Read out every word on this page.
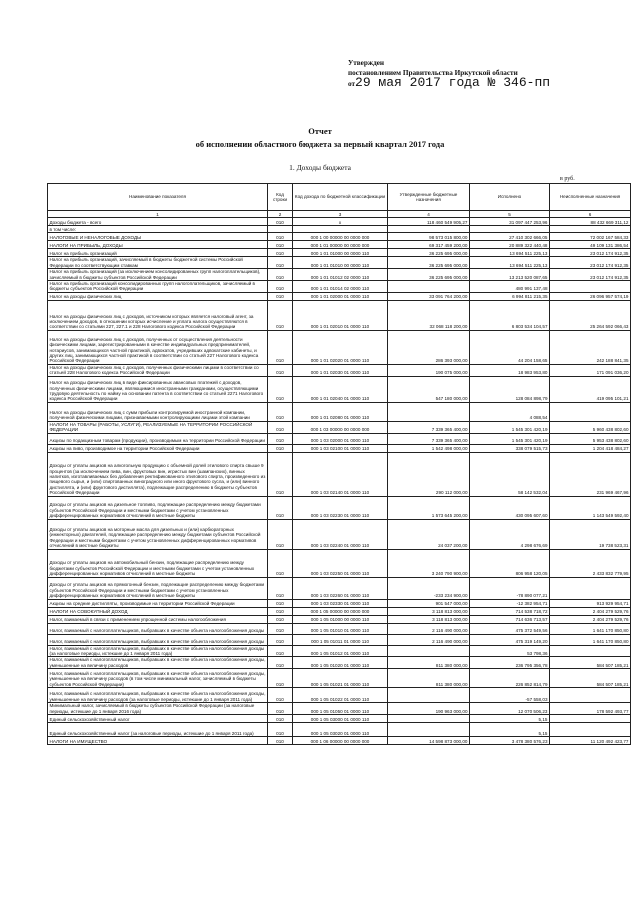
Утвержден
постановлением Правительства Иркутской области
от29 мая 2017 года № 346-пп
Отчет
об исполнении областного бюджета за первый квартал 2017 года
1. Доходы бюджета
в руб.
Наименование показателя	Код строки	Код дохода по бюджетной классификации	Утвержденные бюджетные назначения	Исполнено	Неисполненные назначения
1	2	3	4	5	6
Доходы бюджета - всего	010	x	118 460 549 905,27	31 097 447 253,96	88 432 669 311,12
в том числе:					
НАЛОГОВЫЕ И НЕНАЛОГОВЫЕ ДОХОДЫ	010	000 1 00 00000 00 0000 000	98 573 015 800,00	27 410 302 666,05	72 002 167 584,33
НАЛОГИ НА ПРИБЫЛЬ, ДОХОДЫ	010	000 1 01 00000 00 0000 000	69 317 459 200,00	20 889 322 440,48	49 109 131 386,54
Налог на прибыль организаций	010	000 1 01 01000 00 0000 110	36 225 695 000,00	13 694 511 225,13	23 012 174 912,35
Налог на прибыль организаций, зачисляемый в бюджеты бюджетной системы Российской Федерации по соответствующим ставкам	010	000 1 01 01010 00 0000 110	36 225 695 000,00	13 694 511 225,13	23 012 174 912,35
Налог на прибыль организаций (за исключением консолидированных групп налогоплательщиков), зачисляемый в бюджеты субъектов Российской Федерации	010	000 1 01 01012 02 0000 110	36 225 695 000,00	13 213 520 087,65	23 012 174 912,35
Налог на прибыль организаций консолидированных групп налогоплательщиков, зачисляемый в бюджеты субъектов Российской Федерации	010	000 1 01 01014 02 0000 110		480 991 137,48	
Налог на доходы физических лиц	010	000 1 01 02000 01 0000 110	33 091 764 200,00	6 994 811 215,35	26 096 957 574,19
Налог на доходы физических лиц с доходов, источником которых является налоговый агент, за исключением доходов, в отношении которых исчисление и уплата налога осуществляются в соответствии со статьями 227, 227.1 и 228 Налогового кодекса Российской Федерации	010	000 1 01 02010 01 0000 110	32 068 118 200,00	6 803 534 104,57	25 264 592 066,43
Налог на доходы физических лиц с доходов, полученных от осуществления деятельности физическими лицами, зарегистрированными в качестве индивидуальных предпринимателей, нотариусов, занимающихся частной практикой, адвокатов, учредивших адвокатские кабинеты, и других лиц, занимающихся частной практикой в соответствии со статьей 227 Налогового кодекса Российской Федерации	010	000 1 01 02020 01 0000 110	286 393 000,00	44 204 158,65	242 188 841,35
Налог на доходы физических лиц с доходов, полученных физическими лицами в соответствии со статьей 228 Налогового кодекса Российской Федерации	010	000 1 01 02030 01 0000 110	190 075 000,00	18 983 953,80	171 091 036,20
Налог на доходы физических лиц в виде фиксированных авансовых платежей с доходов, полученных физическими лицами, являющимися иностранными гражданами, осуществляющими трудовую деятельность по найму на основании патента в соответствии со статьей 2271 Налогового кодекса Российской Федерации	010	000 1 01 02040 01 0000 110	547 180 000,00	128 084 898,79	419 095 101,21
Налог на доходы физических лиц с сумм прибыли контролируемой иностранной компании, полученной физическими лицами, признаваемыми контролирующими лицами этой компании	010	000 1 01 02080 01 0000 110		4 088,54	
НАЛОГИ НА ТОВАРЫ (РАБОТЫ, УСЛУГИ), РЕАЛИЗУЕМЫЕ НА ТЕРРИТОРИИ РОССИЙСКОЙ ФЕДЕРАЦИИ	010	000 1 03 00000 00 0000 000	7 339 365 400,00	1 545 301 420,19	5 960 438 802,60
Акцизы по подакцизным товарам (продукции), производимым на территории Российской Федерации	010	000 1 03 02000 01 0000 110	7 339 365 400,00	1 545 301 420,19	5 953 438 802,60
Акцизы на пиво, производимое на территории Российской Федерации	010	000 1 03 02100 01 0000 110	1 542 498 000,00	338 079 515,73	1 204 418 484,27
Доходы от уплаты акцизов на алкогольную продукцию с объемной долей этилового спирта свыше 9 процентов (за исключением пива, вин, фруктовых вин, игристых вин (шампанских), винных напитков, изготавливаемых без добавления ректификованного этилового спирта, произведенного из пищевого сырья, и (или) спиртованных виноградного или иного фруктового сусла, и (или) винного дистиллята, и (или) фруктового дистиллята), подлежащие распределению в бюджеты субъектов Российской Федерации	010	000 1 03 02140 01 0000 110	290 112 000,00	58 142 532,04	231 969 467,96
Доходы от уплаты акцизов на дизельное топливо, подлежащие распределению между бюджетами субъектов Российской Федерации и местными бюджетами с учетом установленных дифференцированных нормативов отчислений в местные бюджеты	010	000 1 03 02230 01 0000 110	1 573 645 200,00	430 095 607,60	1 143 549 592,40
Доходы от уплаты акцизов на моторные масла для дизельных и (или) карбюраторных (инжекторных) двигателей, подлежащие распределению между бюджетами субъектов Российской Федерации и местными бюджетами с учетом установленных дифференцированных нормативов отчислений в местные бюджеты	010	000 1 03 02240 01 0000 110	24 037 200,00	4 298 676,69	19 738 523,31
Доходы от уплаты акцизов на автомобильный бензин, подлежащие распределению между бюджетами субъектов Российской Федерации и местными бюджетами с учетом установленных дифференцированных нормативов отчислений в местные бюджеты	010	000 1 03 02250 01 0000 110	3 240 790 900,00	806 958 120,05	2 433 832 779,95
Доходы от уплаты акцизов на прямогонный бензин, подлежащие распределению между бюджетами субъектов Российской Федерации и местными бюджетами с учетом установленных дифференцированных нормативов отчислений в местные бюджеты	010	000 1 03 02260 01 0000 110	-233 234 900,00	-78 890 077,21	
Акцизы на средние дистилляты, производимые на территории Российской Федерации	010	000 1 03 02330 01 0000 110	901 547 000,00	-12 382 954,71	913 929 954,71
НАЛОГИ НА СОВОКУПНЫЙ ДОХОД	010	000 1 05 00000 00 0000 000	3 118 813 000,00	714 538 718,72	2 404 279 529,76
Налог, взимаемый в связи с применением упрощенной системы налогообложения	010	000 1 05 01000 00 0000 110	3 118 813 000,00	714 636 713,57	2 404 279 529,76
Налог, взимаемый с налогоплательщиков, выбравших в качестве объекта налогообложения доходы	010	000 1 05 01010 01 0000 110	2 116 490 000,00	475 372 549,56	1 641 170 850,80
Налог, взимаемый с налогоплательщиков, выбравших в качестве объекта налогообложения доходы	010	000 1 05 01011 01 0000 110	2 116 490 000,00	475 319 149,20	1 641 170 850,80
Налог, взимаемый с налогоплательщиков, выбравших в качестве объекта налогообложения доходы (за налоговые периоды, истекшие до 1 января 2011 года)	010	000 1 05 01012 01 0000 110		53 798,36	
Налог, взимаемый с налогоплательщиков, выбравших в качестве объекта налогообложения доходы, уменьшенные на величину расходов	010	000 1 05 01020 01 0000 110	811 380 000,00	236 795 356,78	584 507 185,21
Налог, взимаемый с налогоплательщиков, выбравших в качестве объекта налогообложения доходы, уменьшенные на величину расходов (в том числе минимальный налог, зачисляемый в бюджеты субъектов Российской Федерации)	010	000 1 05 01021 01 0000 110	811 380 000,00	226 852 814,79	584 507 185,21
Налог, взимаемый с налогоплательщиков, выбравших в качестве объекта налогообложения доходы, уменьшенные на величину расходов (за налоговые периоды, истекшие до 1 января 2011 года)	010	000 1 05 01022 01 0000 110		-57 558,03	
Минимальный налог, зачисляемый в бюджеты субъектов Российской Федерации (за налоговые периоды, истекшие до 1 января 2016 года)	010	000 1 05 01050 01 0000 110	190 963 000,00	12 070 506,23	178 592 493,77
Единый сельскохозяйственный налог	010	000 1 05 03000 01 0000 110		5,15	
Единый сельскохозяйственный налог (за налоговые периоды, истекшие до 1 января 2011 года)	010	000 1 05 03020 01 0000 110		5,15	
НАЛОГИ НА ИМУЩЕСТВО	010	000 1 06 00000 00 0000 000	14 598 873 000,00	3 478 380 576,23	11 120 492 423,77
